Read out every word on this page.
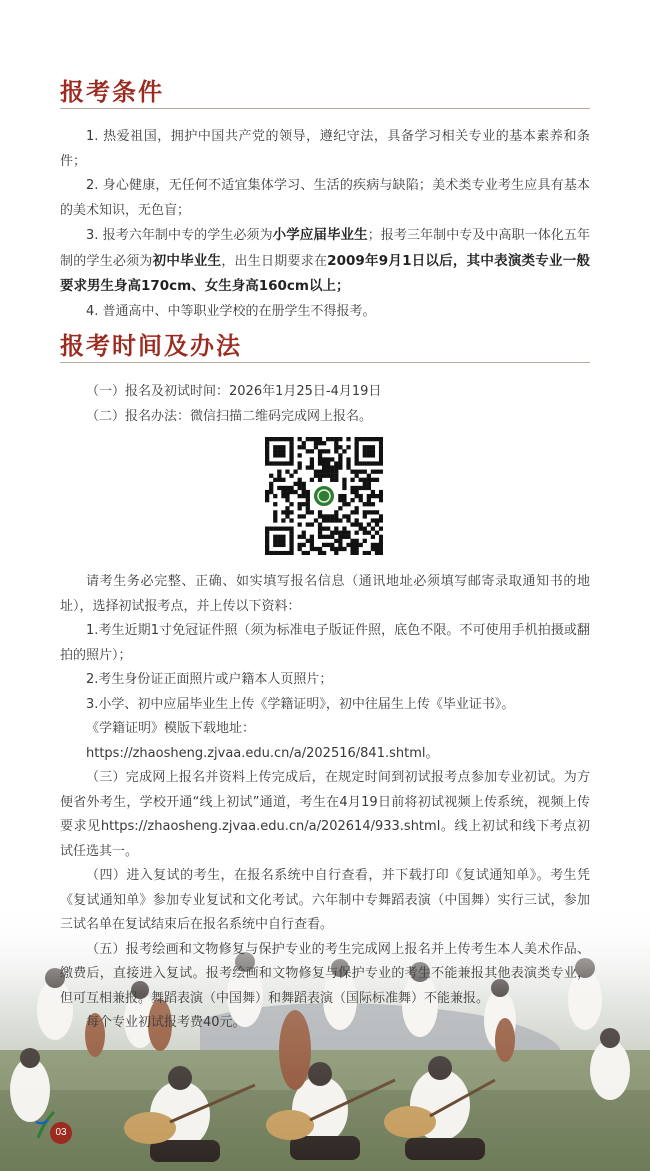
报考条件

1. 热爱祖国，拥护中国共产党的领导，遵纪守法，具备学习相关专业的基本素养和条件；

2. 身心健康，无任何不适宜集体学习、生活的疾病与缺陷；美术类专业考生应具有基本的美术知识，无色盲；

3. 报考六年制中专的学生必须为小学应届毕业生；报考三年制中专及中高职一体化五年制的学生必须为初中毕业生，出生日期要求在2009年9月1日以后，其中表演类专业一般要求男生身高170cm、女生身高160cm以上；

4. 普通高中、中等职业学校的在册学生不得报考。

报考时间及办法

（一）报名及初试时间：2026年1月25日-4月19日

（二）报名办法：微信扫描二维码完成网上报名。

请考生务必完整、正确、如实填写报名信息（通讯地址必须填写邮寄录取通知书的地址），选择初试报考点，并上传以下资料：

1.考生近期1寸免冠证件照（须为标准电子版证件照，底色不限。不可使用手机拍摄或翻拍的照片）；

2.考生身份证正面照片或户籍本人页照片；

3.小学、初中应届毕业生上传《学籍证明》，初中往届生上传《毕业证书》。

《学籍证明》模版下载地址：

https://zhaosheng.zjvaa.edu.cn/a/202516/841.shtml。

（三）完成网上报名并资料上传完成后，在规定时间到初试报考点参加专业初试。为方便省外考生，学校开通“线上初试”通道，考生在4月19日前将初试视频上传系统，视频上传要求见https://zhaosheng.zjvaa.edu.cn/a/202614/933.shtml。线上初试和线下考点初试任选其一。

（四）进入复试的考生，在报名系统中自行查看，并下载打印《复试通知单》。考生凭《复试通知单》参加专业复试和文化考试。六年制中专舞蹈表演（中国舞）实行三试，参加三试名单在复试结束后在报名系统中自行查看。

（五）报考绘画和文物修复与保护专业的考生完成网上报名并上传考生本人美术作品、缴费后，直接进入复试。报考绘画和文物修复与保护专业的考生不能兼报其他表演类专业，但可互相兼报。舞蹈表演（中国舞）和舞蹈表演（国际标准舞）不能兼报。

每个专业初试报考费40元。

03
